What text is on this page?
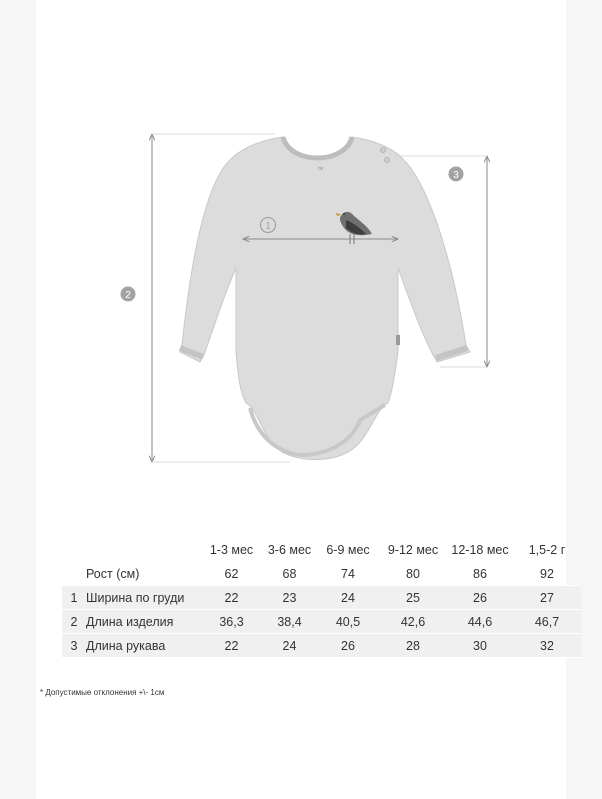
bk
1
2
3
		1-3 мес	3-6 мес	6-9 мес	9-12 мес	12-18 мес	1,5-2 г
	Рост (см)	62	68	74	80	86	92
1	Ширина по груди	22	23	24	25	26	27
2	Длина изделия	36,3	38,4	40,5	42,6	44,6	46,7
3	Длина рукава	22	24	26	28	30	32
* Допустимые отклонения +\- 1см
